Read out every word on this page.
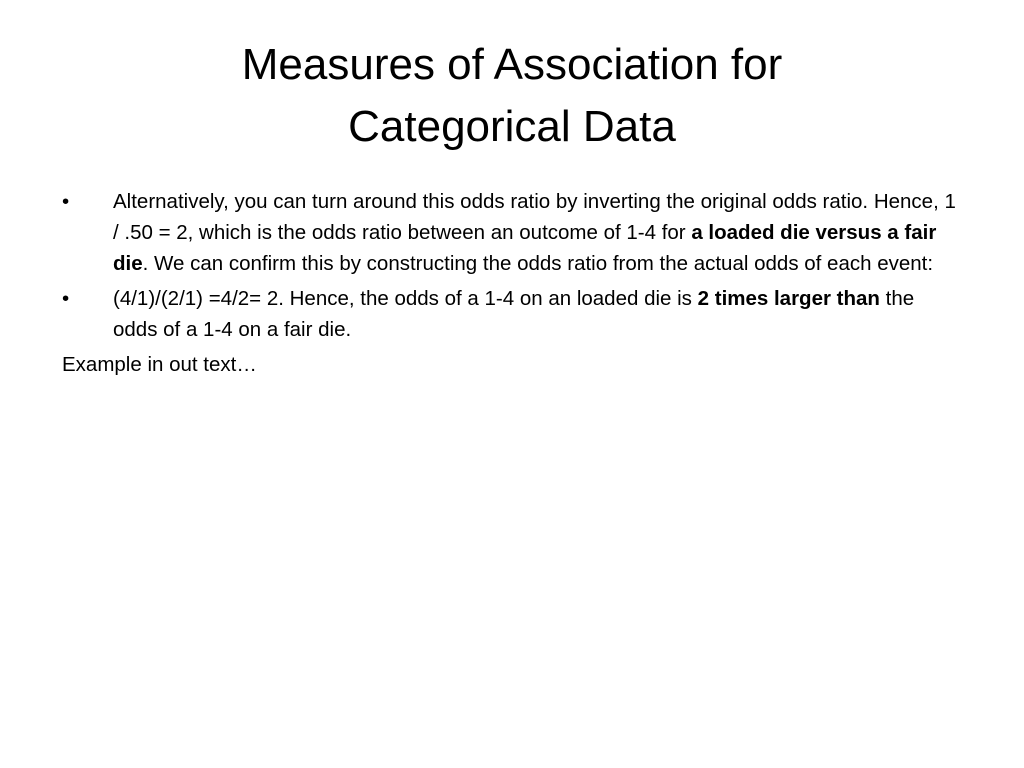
Measures of Association for
Categorical Data
•	Alternatively, you can turn around this odds ratio by inverting the original odds ratio. Hence, 1 / .50 = 2, which is the odds ratio between an outcome of 1-4 for a loaded die versus a fair die. We can confirm this by constructing the odds ratio from the actual odds of each event:
•	(4/1)/(2/1) =4/2= 2. Hence, the odds of a 1-4 on an loaded die is 2 times larger than the odds of a 1-4 on a fair die.
Example in out text…
